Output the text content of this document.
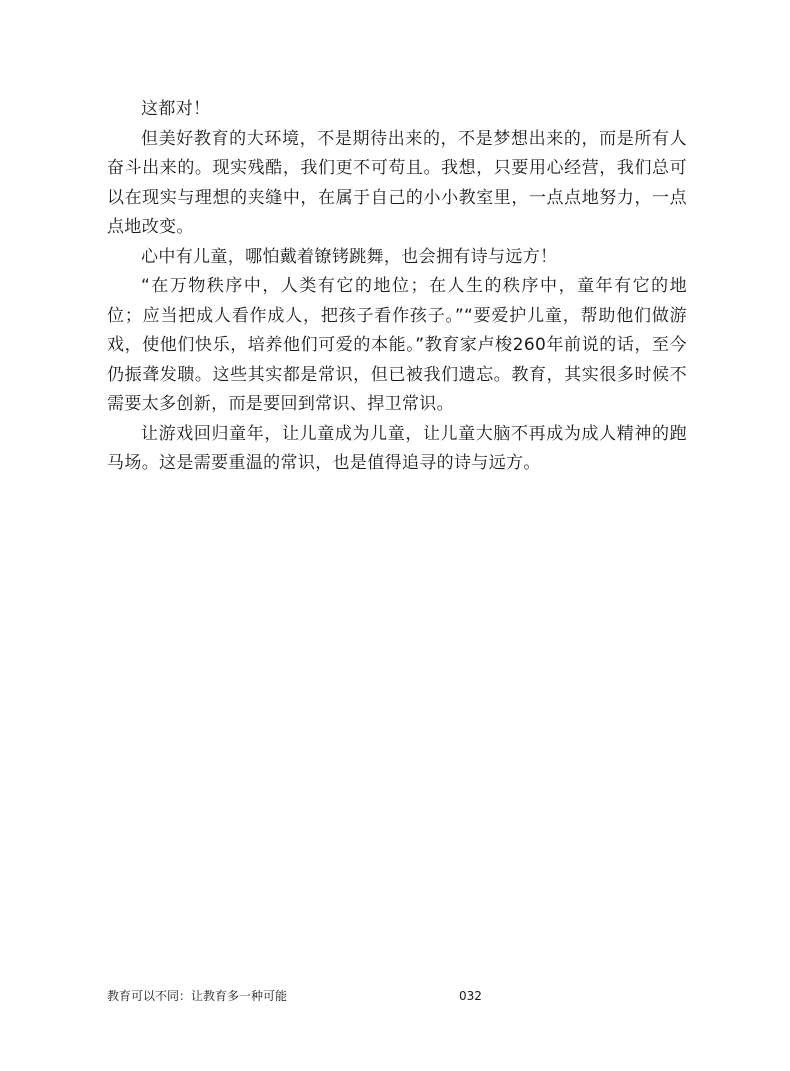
这都对！

但美好教育的大环境，不是期待出来的，不是梦想出来的，而是所有人奋斗出来的。现实残酷，我们更不可苟且。我想，只要用心经营，我们总可以在现实与理想的夹缝中，在属于自己的小小教室里，一点点地努力，一点点地改变。

心中有儿童，哪怕戴着镣铐跳舞，也会拥有诗与远方！

“在万物秩序中，人类有它的地位；在人生的秩序中，童年有它的地位；应当把成人看作成人，把孩子看作孩子。”“要爱护儿童，帮助他们做游戏，使他们快乐，培养他们可爱的本能。”教育家卢梭260年前说的话，至今仍振聋发聩。这些其实都是常识，但已被我们遗忘。教育，其实很多时候不需要太多创新，而是要回到常识、捍卫常识。

让游戏回归童年，让儿童成为儿童，让儿童大脑不再成为成人精神的跑马场。这是需要重温的常识，也是值得追寻的诗与远方。

教育可以不同：让教育多一种可能	032
